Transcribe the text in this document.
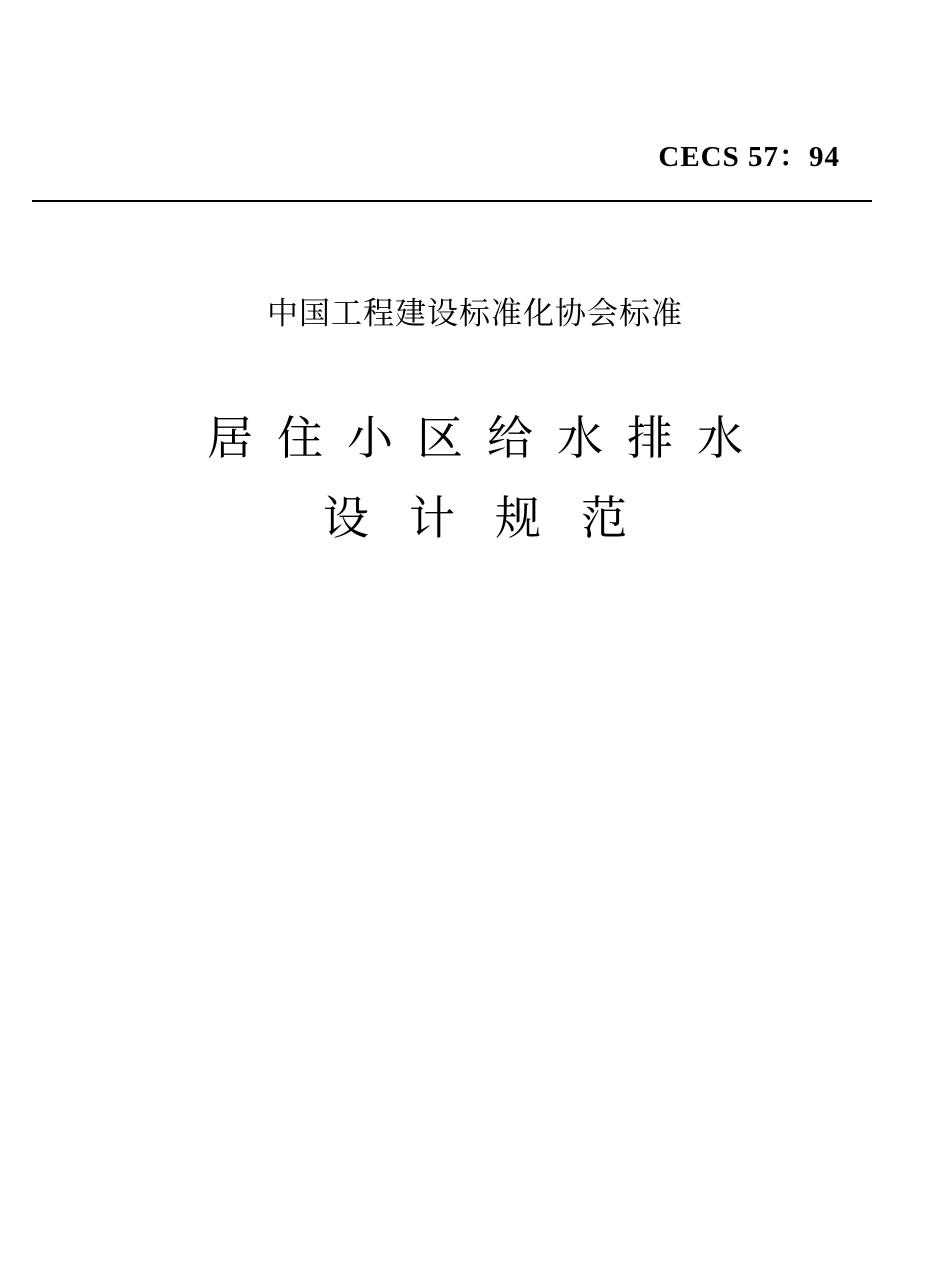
CECS 57：94
中国工程建设标准化协会标准
居住小区给水排水
设计规范
